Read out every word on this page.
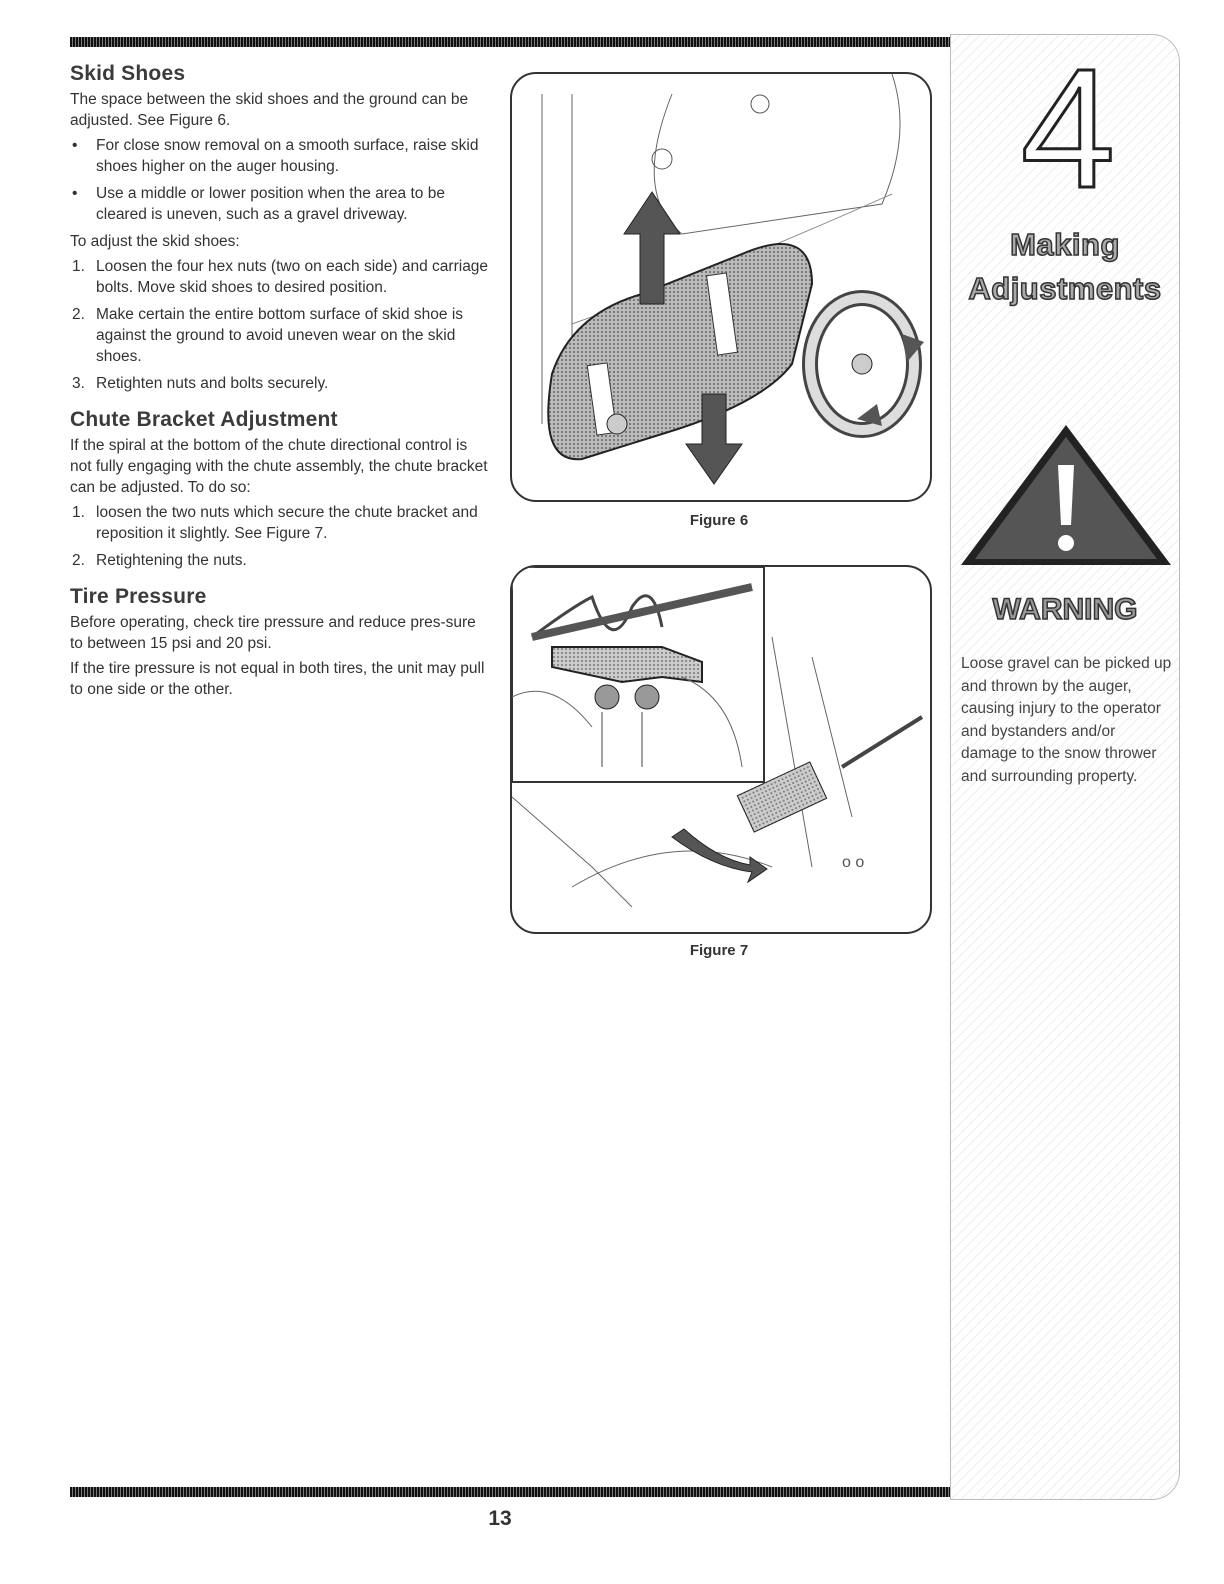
Skid Shoes

The space between the skid shoes and the ground can be adjusted. See Figure 6.

• For close snow removal on a smooth surface, raise skid shoes higher on the auger housing.
• Use a middle or lower position when the area to be cleared is uneven, such as a gravel driveway.

To adjust the skid shoes:

1. Loosen the four hex nuts (two on each side) and carriage bolts. Move skid shoes to desired position.
2. Make certain the entire bottom surface of skid shoe is against the ground to avoid uneven wear on the skid shoes.
3. Retighten nuts and bolts securely.
Chute Bracket Adjustment

If the spiral at the bottom of the chute directional control is not fully engaging with the chute assembly, the chute bracket can be adjusted. To do so:

1. loosen the two nuts which secure the chute bracket and reposition it slightly. See Figure 7.
2. Retightening the nuts.
Tire Pressure

Before operating, check tire pressure and reduce pres-sure to between 15 psi and 20 psi.

If the tire pressure is not equal in both tires, the unit may pull to one side or the other.

Figure 6
o o
Figure 7
4
Making
Adjustments
WARNING
Loose gravel can be picked up and thrown by the auger, causing injury to the operator and bystanders and/or damage to the snow thrower and surrounding property.
13
